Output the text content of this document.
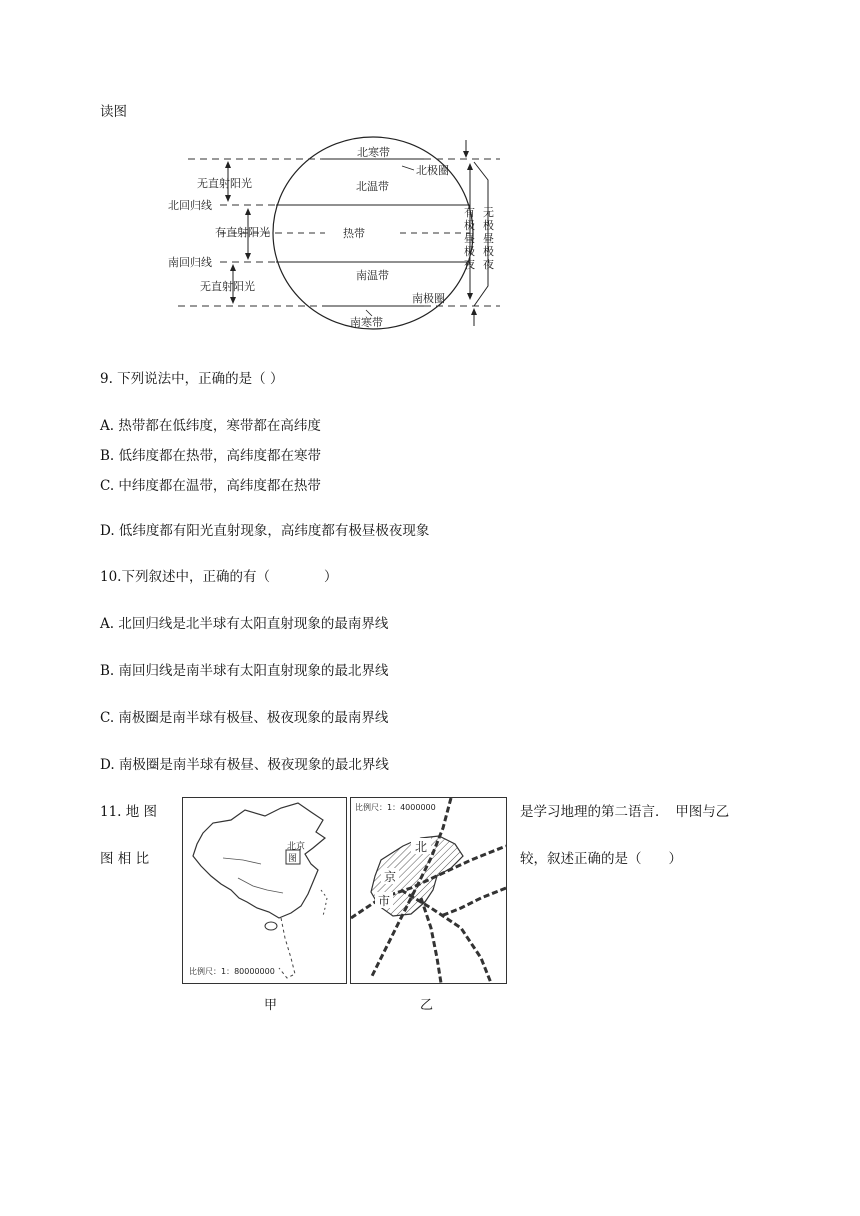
读图
北寒带
北温带
热带
南温带
南寒带
北极圈
南极圈
北回归线
南回归线
无直射阳光
有直射阳光
无直射阳光
有
极
昼
极
夜
无
极
昼
极
夜
9. 下列说法中，正确的是（ ）
A. 热带都在低纬度，寒带都在高纬度
B. 低纬度都在热带，高纬度都在寒带
C. 中纬度都在温带，高纬度都在热带
D. 低纬度都有阳光直射现象，高纬度都有极昼极夜现象
10.下列叙述中，正确的有（　　　　）
A. 北回归线是北半球有太阳直射现象的最南界线
B. 南回归线是南半球有太阳直射现象的最北界线
C. 南极圈是南半球有极昼、极夜现象的最南界线
D. 南极圈是南半球有极昼、极夜现象的最北界线
11. 地 图
图 相 比
是学习地理的第二语言．　甲图与乙
较，叙述正确的是（　　）
北京
图
比例尺：1：80000000
甲
北
京
市
比例尺：1：4000000
乙
